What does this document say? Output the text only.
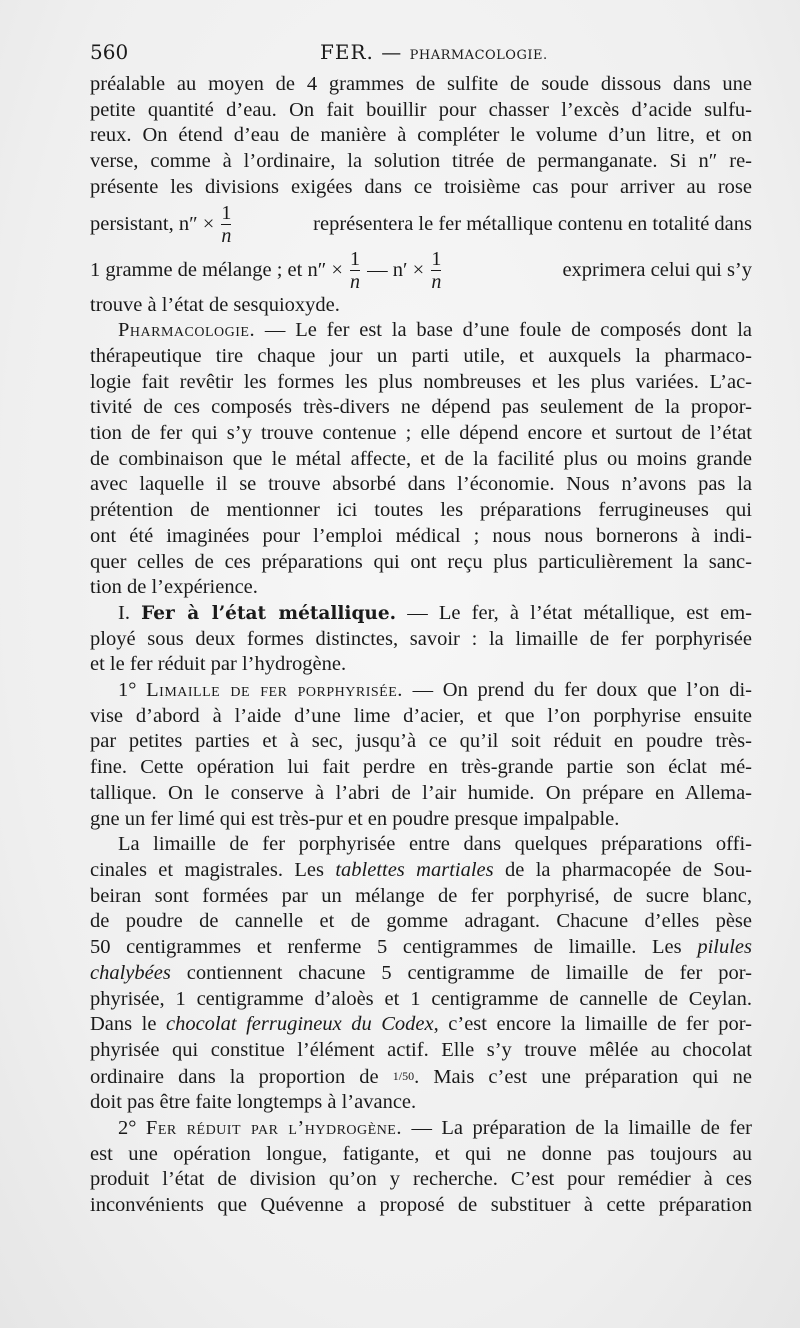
560	FER. — PHARMACOLOGIE.

préalable au moyen de 4 grammes de sulfite de soude dissous dans une
petite quantité d’eau. On fait bouillir pour chasser l’excès d’acide sulfu-
reux. On étend d’eau de manière à compléter le volume d’un litre, et on
verse, comme à l’ordinaire, la solution titrée de permanganate. Si n″ re-
présente les divisions exigées dans ce troisième cas pour arriver au rose
persistant, $n'' \times \frac{1}{n}$	représentera le fer métallique contenu en totalité dans
1 gramme de mélange ; et $n'' \times \frac{1}{n}$ — $n' \times \frac{1}{n}$	exprimera celui qui s’y
trouve à l’état de sesquioxyde.

Pharmacologie. — Le fer est la base d’une foule de composés dont la
thérapeutique tire chaque jour un parti utile, et auxquels la pharmaco-
logie fait revêtir les formes les plus nombreuses et les plus variées. L’ac-
tivité de ces composés très-divers ne dépend pas seulement de la propor-
tion de fer qui s’y trouve contenue ; elle dépend encore et surtout de l’état
de combinaison que le métal affecte, et de la facilité plus ou moins grande
avec laquelle il se trouve absorbé dans l’économie. Nous n’avons pas la
prétention de mentionner ici toutes les préparations ferrugineuses qui
ont été imaginées pour l’emploi médical ; nous nous bornerons à indi-
quer celles de ces préparations qui ont reçu plus particulièrement la sanc-
tion de l’expérience.

I. Fer à l’état métallique. — Le fer, à l’état métallique, est em-
ployé sous deux formes distinctes, savoir : la limaille de fer porphyrisée
et le fer réduit par l’hydrogène.

1° Limaille de fer porphyrisée. — On prend du fer doux que l’on di-
vise d’abord à l’aide d’une lime d’acier, et que l’on porphyrise ensuite
par petites parties et à sec, jusqu’à ce qu’il soit réduit en poudre très-
fine. Cette opération lui fait perdre en très-grande partie son éclat mé-
tallique. On le conserve à l’abri de l’air humide. On prépare en Allema-
gne un fer limé qui est très-pur et en poudre presque impalpable.

La limaille de fer porphyrisée entre dans quelques préparations offi-
cinales et magistrales. Les tablettes martiales de la pharmacopée de Sou-
beiran sont formées par un mélange de fer porphyrisé, de sucre blanc,
de poudre de cannelle et de gomme adragant. Chacune d’elles pèse
50 centigrammes et renferme 5 centigrammes de limaille. Les pilules
chalybées contiennent chacune 5 centigramme de limaille de fer por-
phyrisée, 1 centigramme d’aloès et 1 centigramme de cannelle de Ceylan.
Dans le chocolat ferrugineux du Codex, c’est encore la limaille de fer por-
phyrisée qui constitue l’élément actif. Elle s’y trouve mêlée au chocolat
ordinaire dans la proportion de 1/50. Mais c’est une préparation qui ne
doit pas être faite longtemps à l’avance.

2° Fer réduit par l’hydrogène. — La préparation de la limaille de fer
est une opération longue, fatigante, et qui ne donne pas toujours au
produit l’état de division qu’on y recherche. C’est pour remédier à ces
inconvénients que Quévenne a proposé de substituer à cette préparation
